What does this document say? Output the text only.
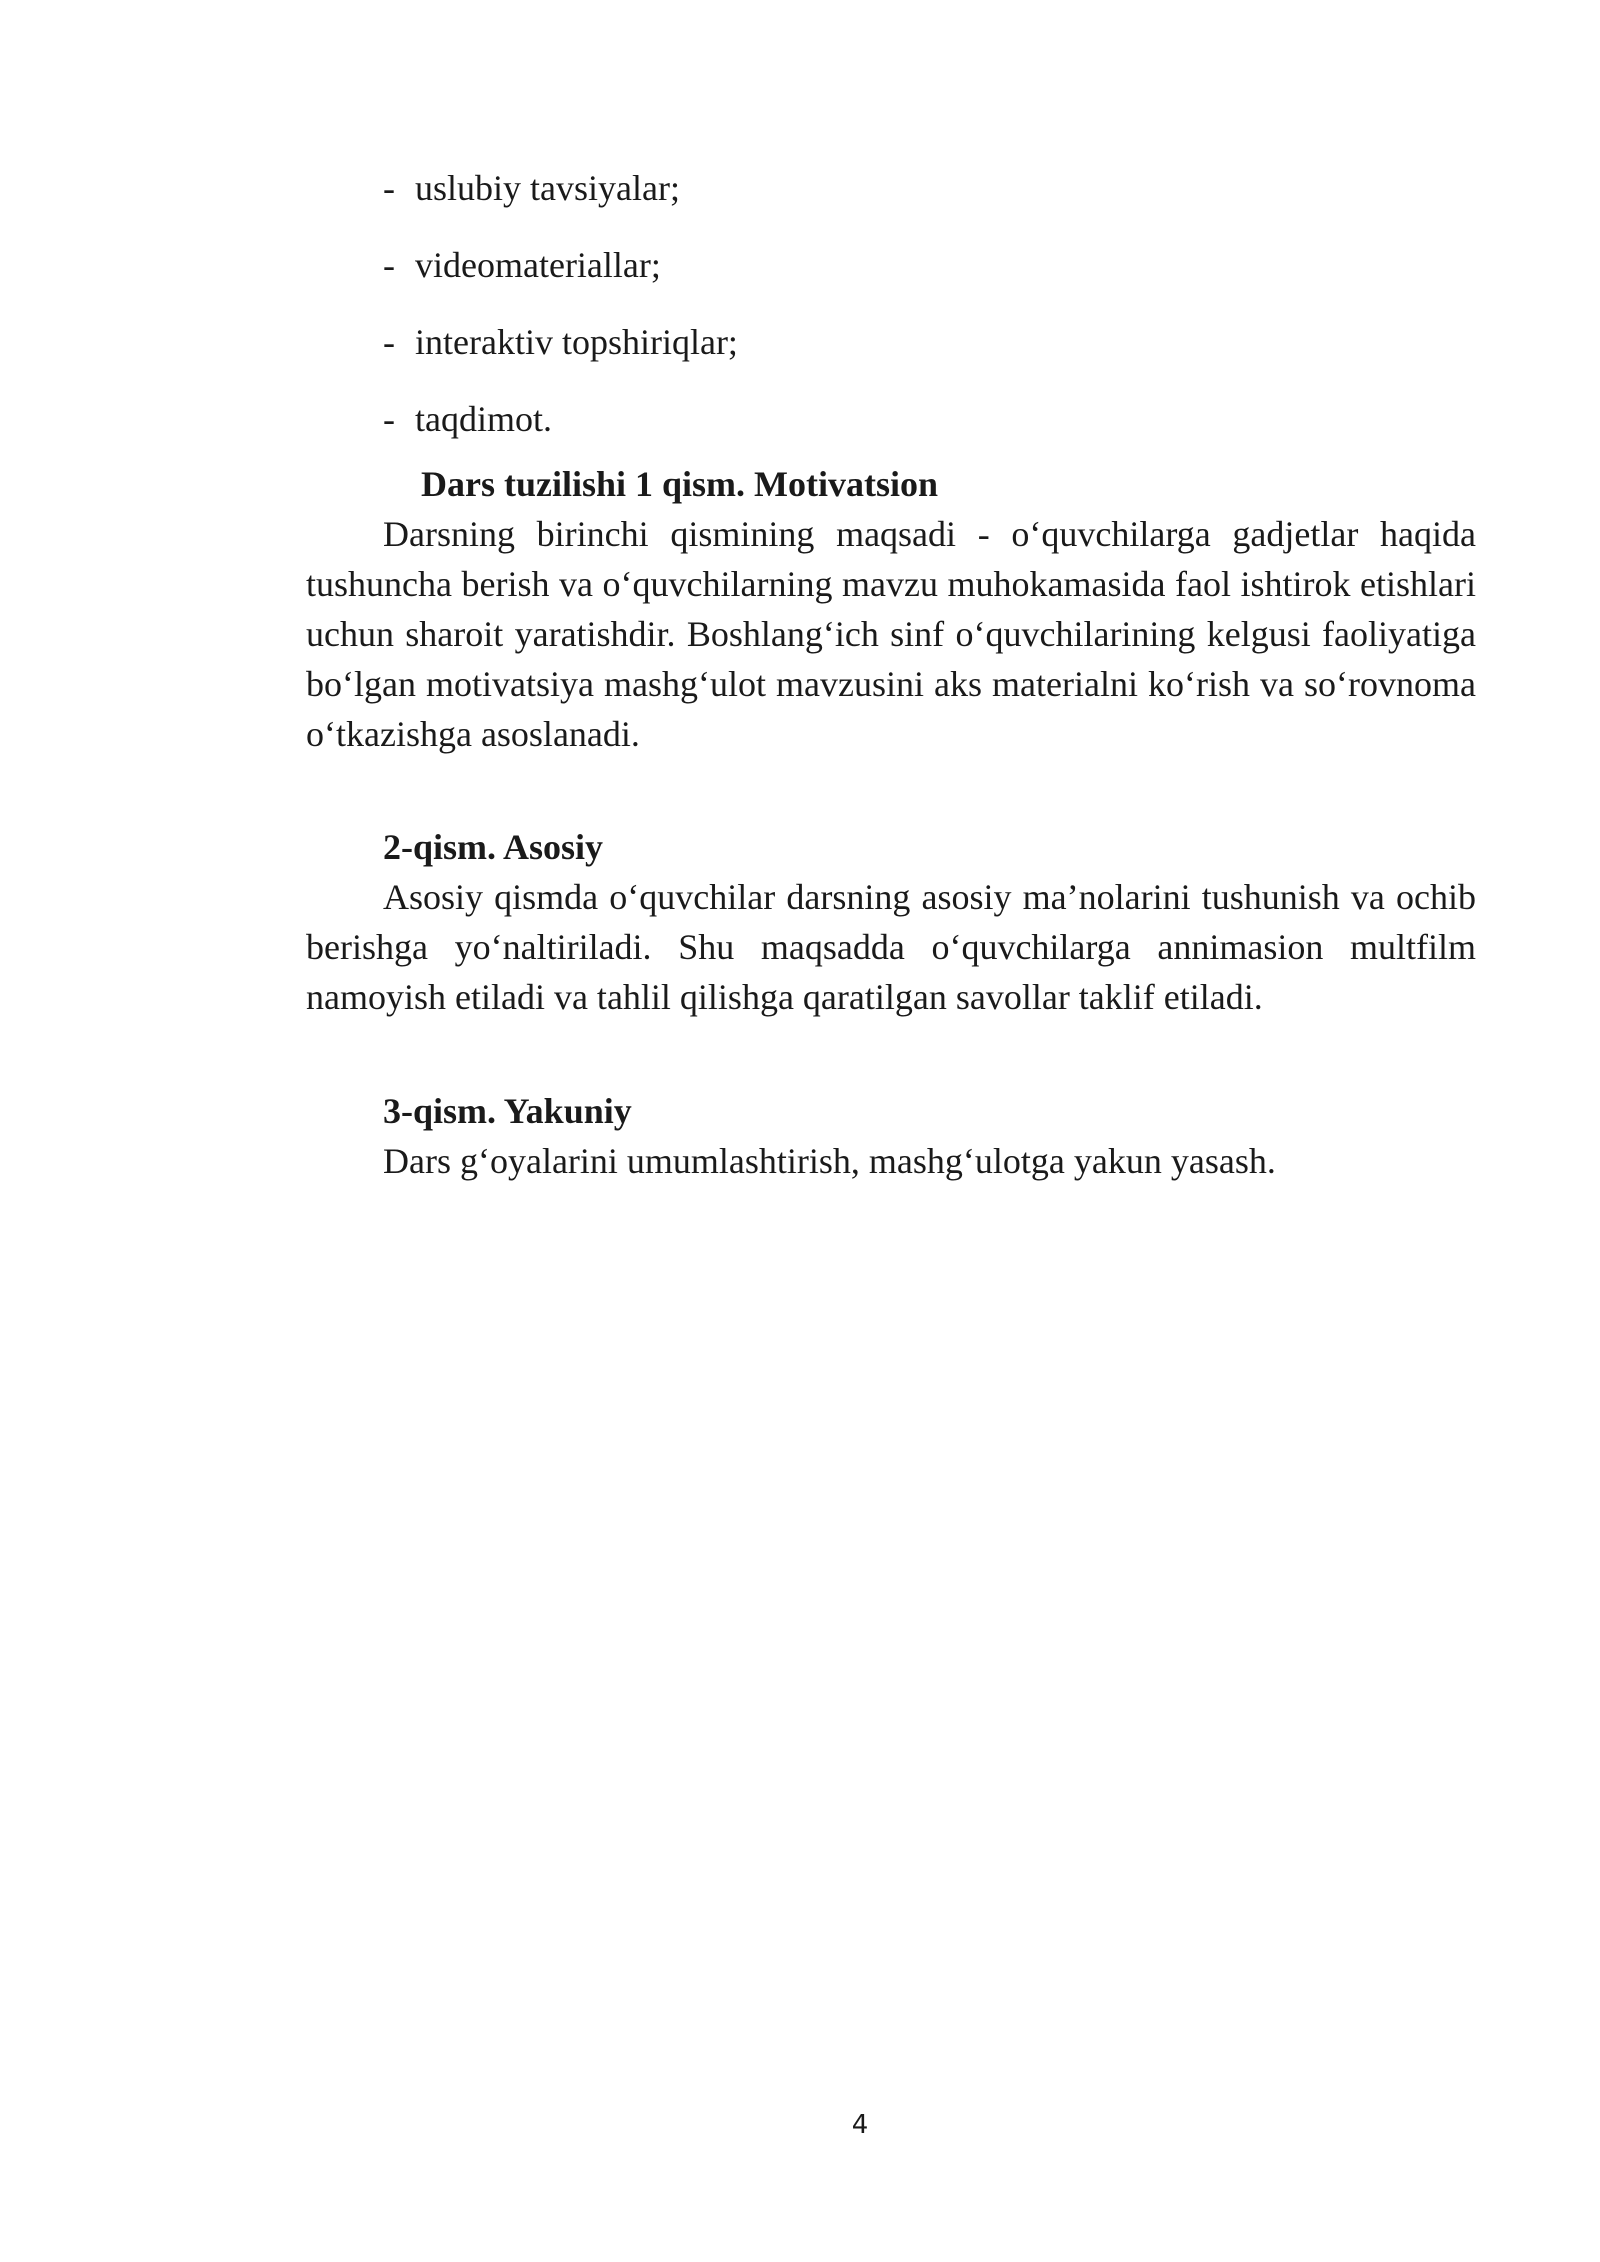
- uslubiy tavsiyalar;
- videomateriallar;
- interaktiv topshiriqlar;
- taqdimot.
Dars tuzilishi 1 qism. Motivatsion

Darsning birinchi qismining maqsadi - o‘quvchilarga gadjetlar haqida tushuncha berish va o‘quvchilarning mavzu muhokamasida faol ishtirok etishlari uchun sharoit yaratishdir. Boshlang‘ich sinf o‘quvchilarining kelgusi faoliyatiga bo‘lgan motivatsiya mashg‘ulot mavzusini aks materialni ko‘rish va so‘rovnoma o‘tkazishga asoslanadi.

2-qism. Asosiy

Asosiy qismda o‘quvchilar darsning asosiy ma’nolarini tushunish va ochib berishga yo‘naltiriladi. Shu maqsadda o‘quvchilarga annimasion multfilm namoyish etiladi va tahlil qilishga qaratilgan savollar taklif etiladi.

3-qism. Yakuniy

Dars g‘oyalarini umumlashtirish, mashg‘ulotga yakun yasash.

4
